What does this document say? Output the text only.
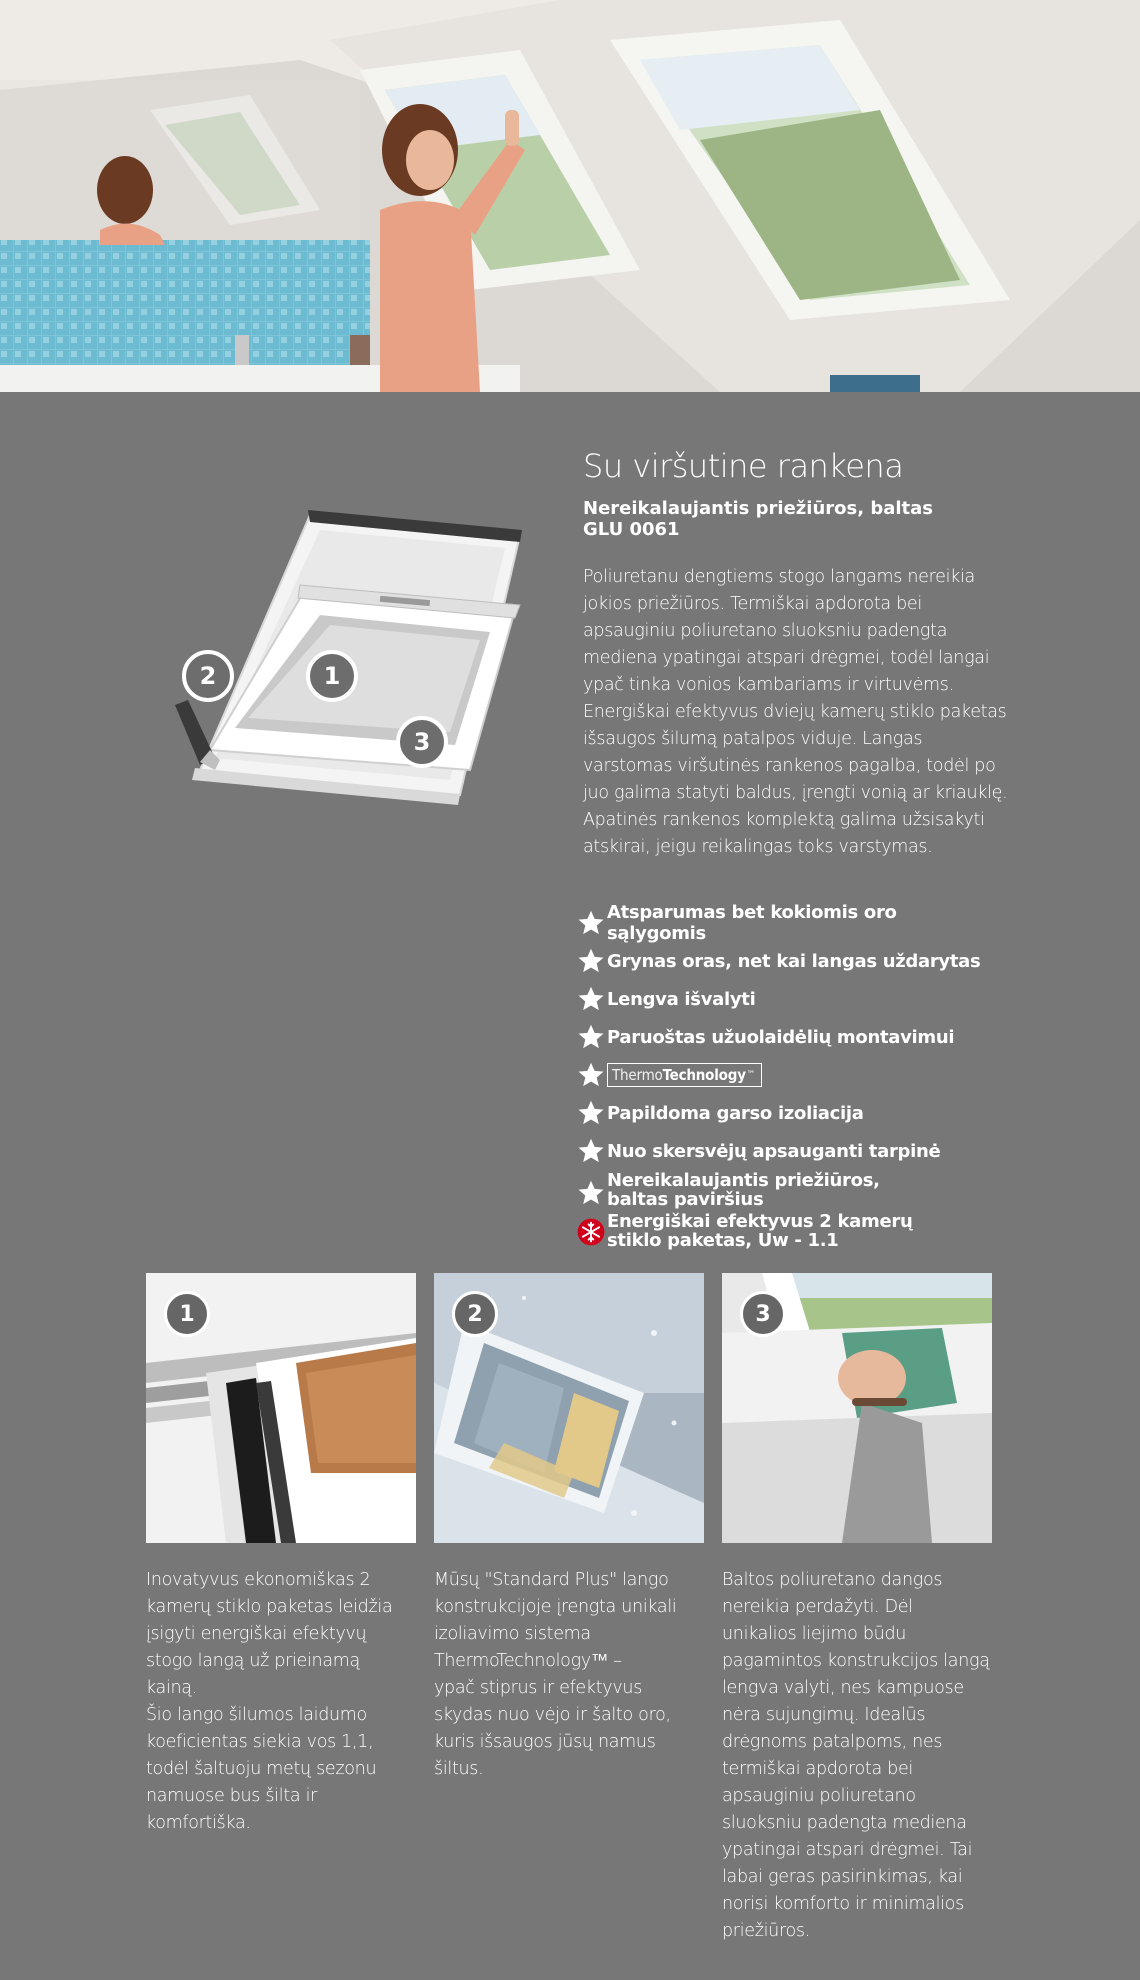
2	1
3
Su viršutine rankena

Nereikalaujantis priežiūros, baltas
GLU 0061

Poliuretanu dengtiems stogo langams nereikia jokios priežiūros. Termiškai apdorota bei apsauginiu poliuretano sluoksniu padengta mediena ypatingai atspari drėgmei, todėl langai ypač tinka vonios kambariams ir virtuvėms. Energiškai efektyvus dviejų kamerų stiklo paketas išsaugos šilumą patalpos viduje. Langas varstomas viršutinės rankenos pagalba, todėl po juo galima statyti baldus, įrengti vonią ar kriauklę. Apatinės rankenos komplektą galima užsisakyti atskirai, jeigu reikalingas toks varstymas.

Atsparumas bet kokiomis oro sąlygomis
Grynas oras, net kai langas uždarytas
Lengva išvalyti
Paruoštas užuolaidėlių montavimui
Thermo Technology ™
Papildoma garso izoliacija
Nuo skersvėjų apsauganti tarpinė
Nereikalaujantis priežiūros, baltas paviršius
Energiškai efektyvus 2 kamerų stiklo paketas, Uw - 1.1
1

Inovatyvus ekonomiškas 2 kamerų stiklo paketas leidžia įsigyti energiškai efektyvų stogo langą už prieinamą kainą.

Šio lango šilumos laidumo koeficientas siekia vos 1,1, todėl šaltuoju metų sezonu namuose bus šilta ir komfortiška.

2

Mūsų "Standard Plus" lango konstrukcijoje įrengta unikali izoliavimo sistema ThermoTechnology™ –

ypač stiprus ir efektyvus skydas nuo vėjo ir šalto oro, kuris išsaugos jūsų namus šiltus.

3

Baltos poliuretano dangos nereikia perdažyti. Dėl unikalios liejimo būdu pagamintos konstrukcijos langą lengva valyti, nes kampuose nėra sujungimų. Idealūs drėgnoms patalpoms, nes termiškai apdorota bei apsauginiu poliuretano sluoksniu padengta mediena ypatingai atspari drėgmei. Tai labai geras pasirinkimas, kai norisi komforto ir minimalios priežiūros.
